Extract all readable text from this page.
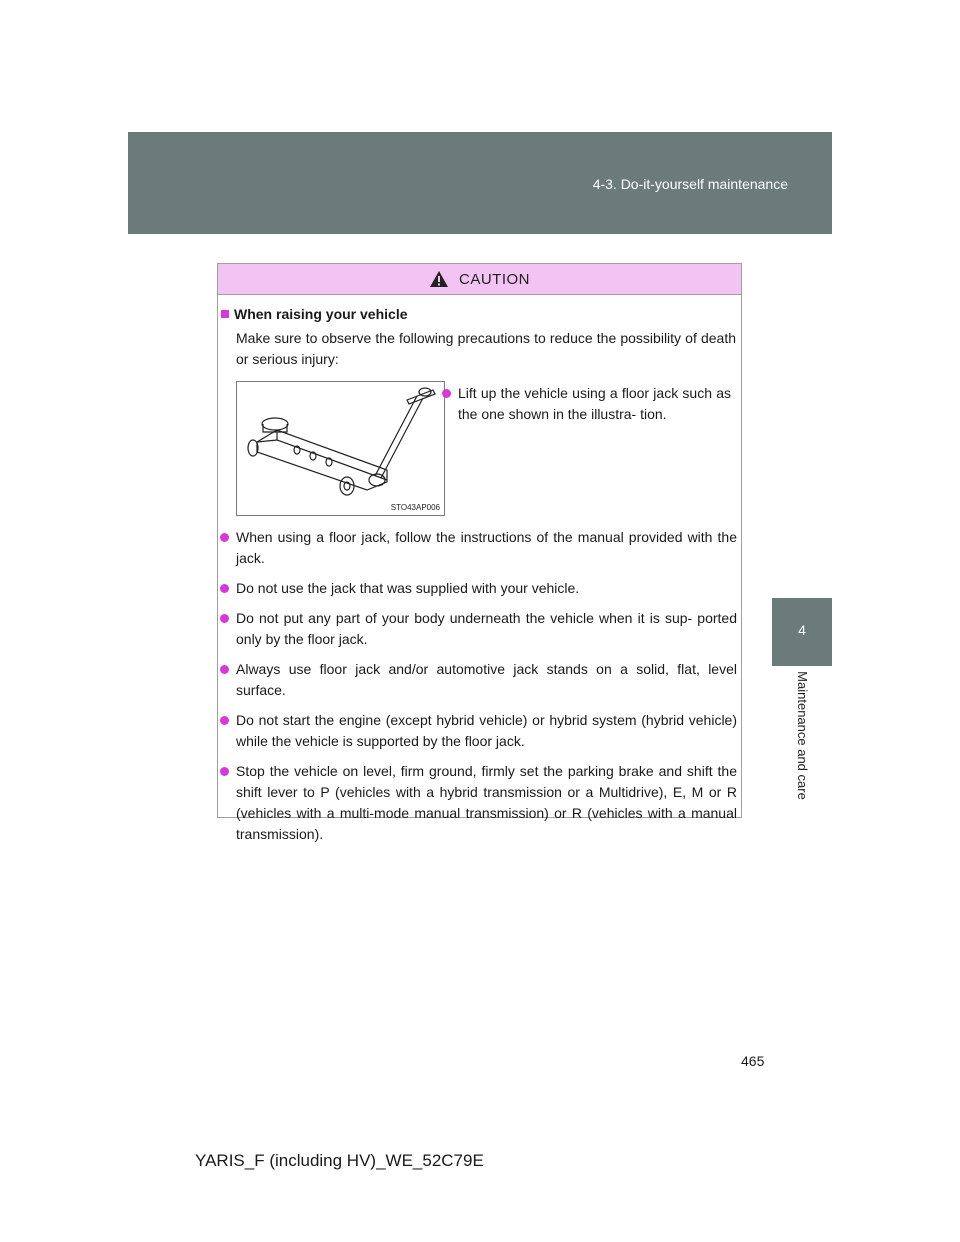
4-3. Do-it-yourself maintenance
4
Maintenance and care
CAUTION
When raising your vehicle
Make sure to observe the following precautions to reduce the possibility of death or serious injury:
STO43AP006
Lift up the vehicle using a floor jack such as the one shown in the illustra- tion.
When using a floor jack, follow the instructions of the manual provided with the jack.
Do not use the jack that was supplied with your vehicle.
Do not put any part of your body underneath the vehicle when it is sup- ported only by the floor jack.
Always use floor jack and/or automotive jack stands on a solid, flat, level surface.
Do not start the engine (except hybrid vehicle) or hybrid system (hybrid vehicle) while the vehicle is supported by the floor jack.
Stop the vehicle on level, firm ground, firmly set the parking brake and shift the shift lever to P (vehicles with a hybrid transmission or a Multidrive), E, M or R (vehicles with a multi-mode manual transmission) or R (vehicles with a manual transmission).
465
YARIS_F (including HV)_WE_52C79E
